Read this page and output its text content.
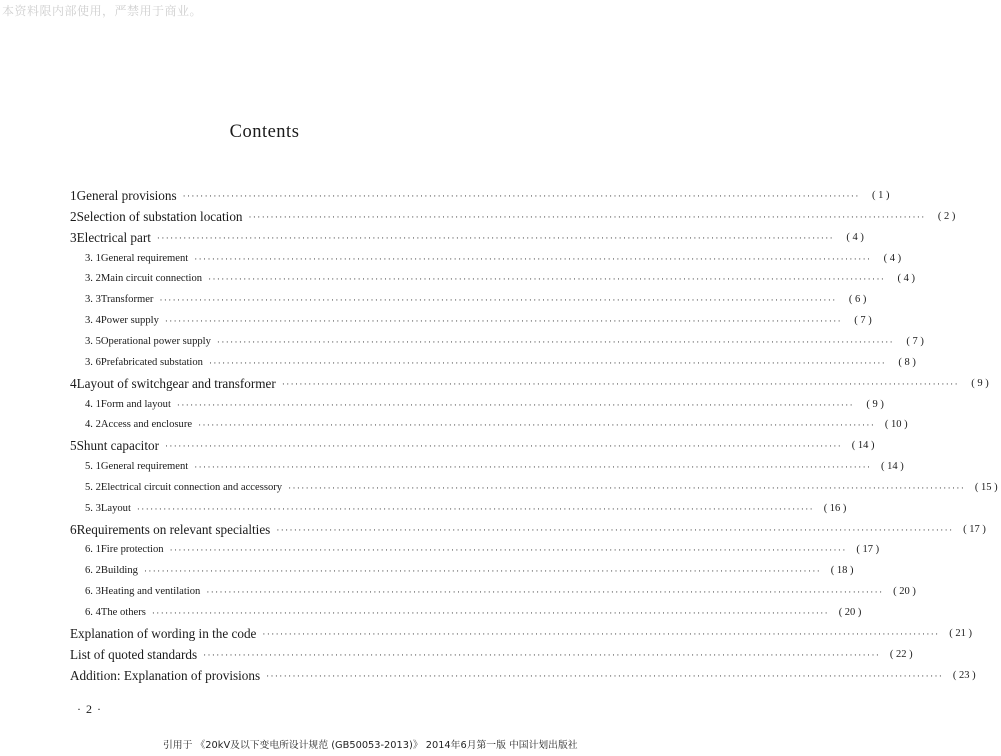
本资料限内部使用，严禁用于商业。
Contents
1 General provisions ·····	( 1 )
2 Selection of substation location ·····	( 2 )
3 Electrical part ·····	( 4 )
3. 1 General requirement ·····	( 4 )
3. 2 Main circuit connection ·····	( 4 )
3. 3 Transformer ·····	( 6 )
3. 4 Power supply ·····	( 7 )
3. 5 Operational power supply ·····	( 7 )
3. 6 Prefabricated substation ·····	( 8 )
4 Layout of switchgear and transformer ·····	( 9 )
4. 1 Form and layout ·····	( 9 )
4. 2 Access and enclosure ·····	( 10 )
5 Shunt capacitor ·····	( 14 )
5. 1 General requirement ·····	( 14 )
5. 2 Electrical circuit connection and accessory ·····	( 15 )
5. 3 Layout ·····	( 16 )
6 Requirements on relevant specialties ·····	( 17 )
6. 1 Fire protection ·····	( 17 )
6. 2 Building ·····	( 18 )
6. 3 Heating and ventilation ·····	( 20 )
6. 4 The others ·····	( 20 )
Explanation of wording in the code ·····	( 21 )
List of quoted standards ·····	( 22 )
Addition: Explanation of provisions ·····	( 23 )
· 2 ·
引用于 《20kV及以下变电所设计规范 (GB50053-2013)》 2014年6月第一版 中国计划出版社
